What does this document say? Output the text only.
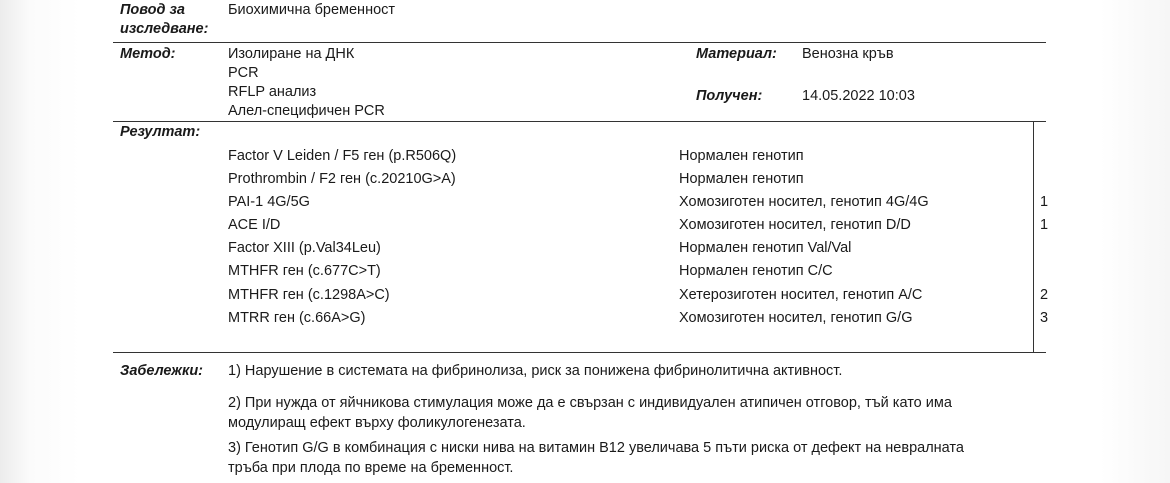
Повод за
изследване:
Биохимична бременност
Метод:	Изолиране на ДНК
PCR
RFLP анализ
Алел-специфичен PCR
Материал: Венозна кръв
Получен:	14.05.2022 10:03
Резултат:
Factor V Leiden / F5 ген (p.R506Q)	Нормален генотип
Prothrombin / F2 ген (c.20210G>A)	Нормален генотип
PAI-1 4G/5G	Хомозиготен носител, генотип 4G/4G	1
ACE I/D	Хомозиготен носител, генотип D/D	1
Factor XIII (p.Val34Leu)	Нормален генотип Val/Val
MTHFR ген (c.677C>T)	Нормален генотип C/C
MTHFR ген (c.1298A>C)	Хетерозиготен носител, генотип A/C	2
MTRR ген (c.66A>G)	Хомозиготен носител, генотип G/G	3
Забележки: 1) Нарушение в системата на фибринолиза, риск за понижена фибринолитична активност.
2) При нужда от яйчникова стимулация може да е свързан с индивидуален атипичен отговор, тъй като има модулиращ ефект върху фоликулогенезата.
3) Генотип G/G в комбинация с ниски нива на витамин B12 увеличава 5 пъти риска от дефект на невралната тръба при плода по време на бременност.
